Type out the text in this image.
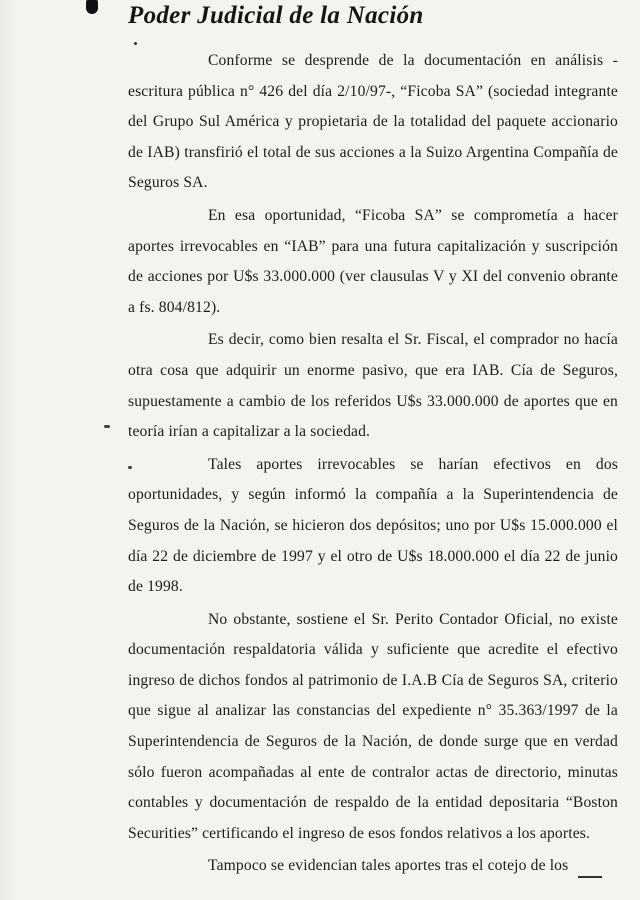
Poder Judicial de la Nación

Conforme se desprende de la documentación en análisis - escritura pública n° 426 del día 2/10/97-, “Ficoba SA” (sociedad integrante del Grupo Sul América y propietaria de la totalidad del paquete accionario de IAB) transfirió el total de sus acciones a la Suizo Argentina Compañía de Seguros SA.

En esa oportunidad, “Ficoba SA” se comprometía a hacer aportes irrevocables en “IAB” para una futura capitalización y suscripción de acciones por U$s 33.000.000 (ver clausulas V y XI del convenio obrante a fs. 804/812).

Es decir, como bien resalta el Sr. Fiscal, el comprador no hacía otra cosa que adquirir un enorme pasivo, que era IAB. Cía de Seguros, supuestamente a cambio de los referidos U$s 33.000.000 de aportes que en teoría irían a capitalizar a la sociedad.

Tales aportes irrevocables se harían efectivos en dos oportunidades, y según informó la compañía a la Superintendencia de Seguros de la Nación, se hicieron dos depósitos; uno por U$s 15.000.000 el día 22 de diciembre de 1997 y el otro de U$s 18.000.000 el día 22 de junio de 1998.

No obstante, sostiene el Sr. Perito Contador Oficial, no existe documentación respaldatoria válida y suficiente que acredite el efectivo ingreso de dichos fondos al patrimonio de I.A.B Cía de Seguros SA, criterio que sigue al analizar las constancias del expediente n° 35.363/1997 de la Superintendencia de Seguros de la Nación, de donde surge que en verdad sólo fueron acompañadas al ente de contralor actas de directorio, minutas contables y documentación de respaldo de la entidad depositaria “Boston Securities” certificando el ingreso de esos fondos relativos a los aportes.

Tampoco se evidencian tales aportes tras el cotejo de los
